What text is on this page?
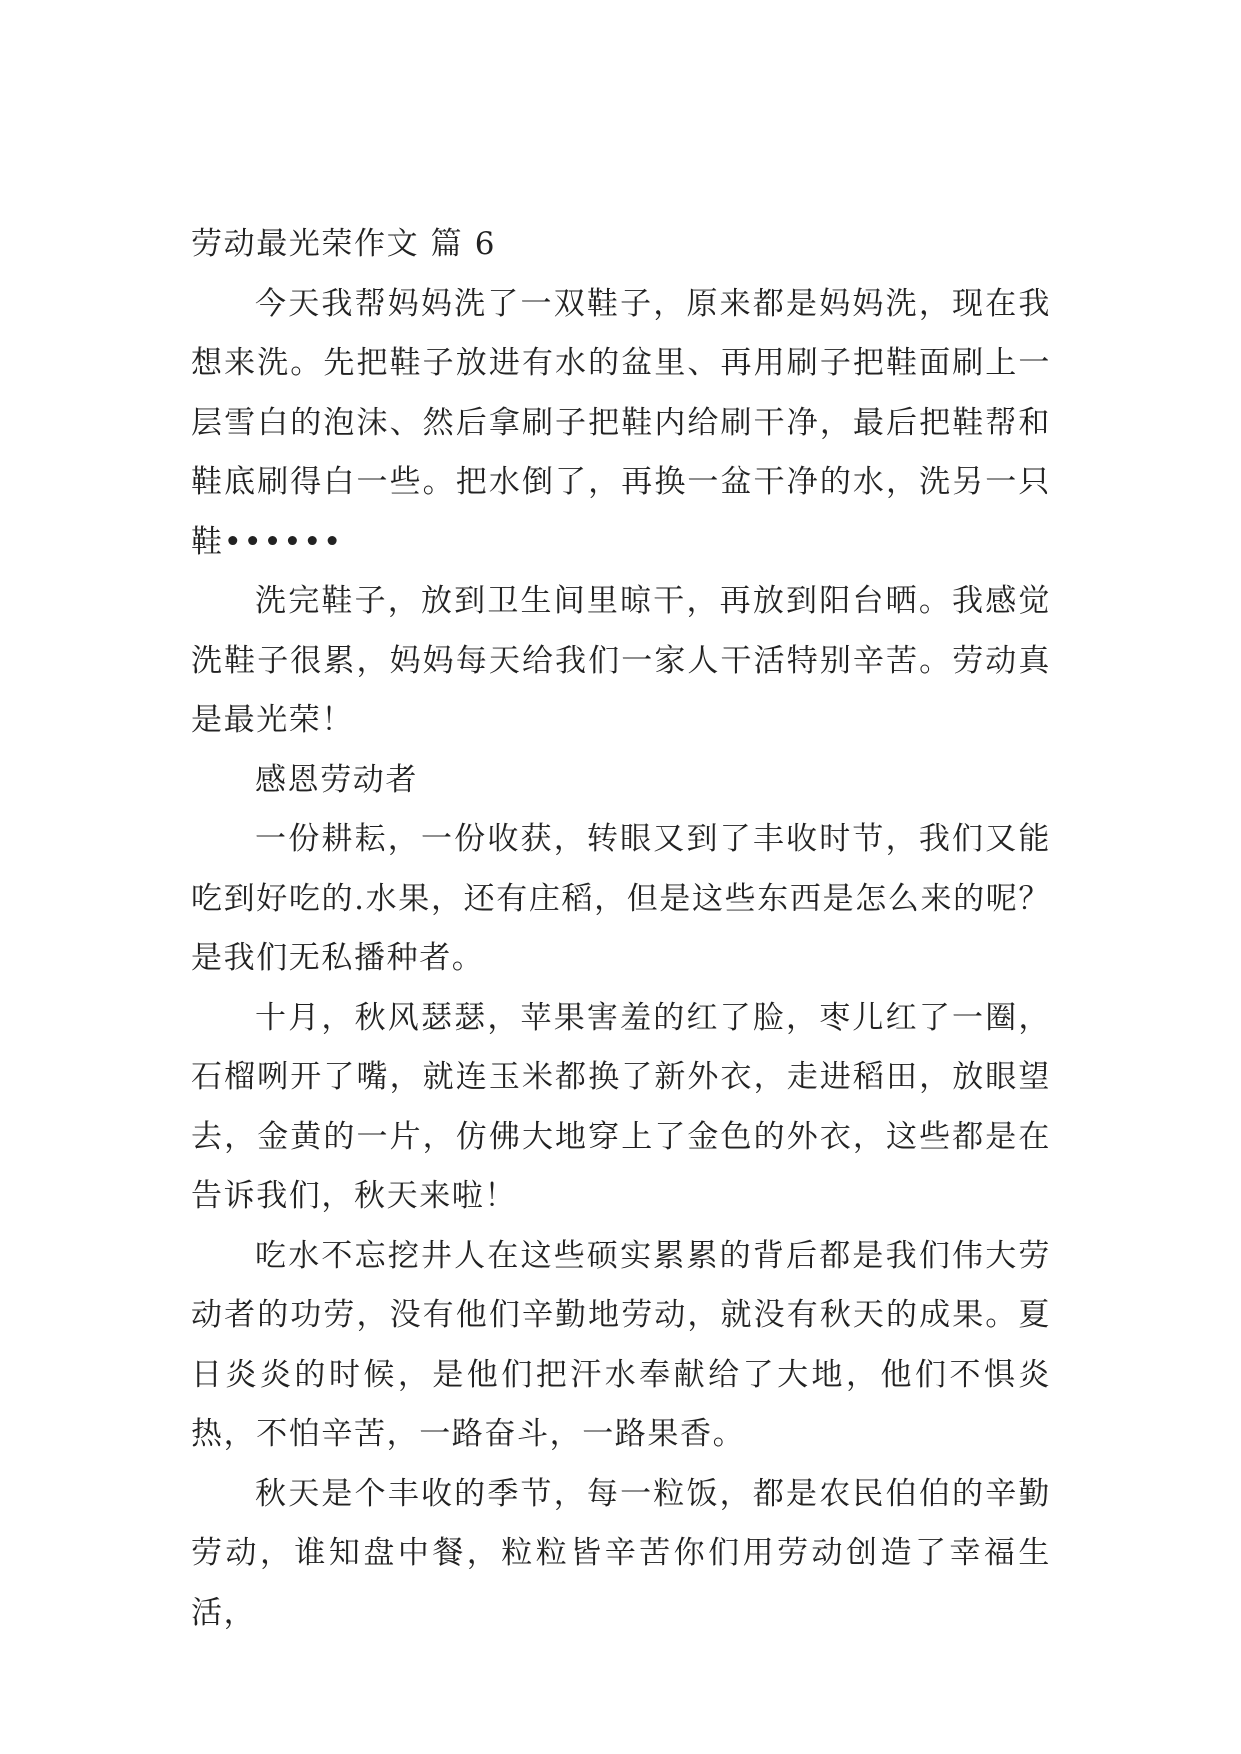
劳动最光荣作文 篇 6

今天我帮妈妈洗了一双鞋子，原来都是妈妈洗，现在我想来洗。先把鞋子放进有水的盆里、再用刷子把鞋面刷上一层雪白的泡沫、然后拿刷子把鞋内给刷干净，最后把鞋帮和鞋底刷得白一些。把水倒了，再换一盆干净的水，洗另一只鞋••••••

洗完鞋子，放到卫生间里晾干，再放到阳台晒。我感觉洗鞋子很累，妈妈每天给我们一家人干活特别辛苦。劳动真是最光荣！

感恩劳动者

一份耕耘，一份收获，转眼又到了丰收时节，我们又能吃到好吃的.水果，还有庄稻，但是这些东西是怎么来的呢？是我们无私播种者。

十月，秋风瑟瑟，苹果害羞的红了脸，枣儿红了一圈，石榴咧开了嘴，就连玉米都换了新外衣，走进稻田，放眼望去，金黄的一片，仿佛大地穿上了金色的外衣，这些都是在告诉我们，秋天来啦！

吃水不忘挖井人在这些硕实累累的背后都是我们伟大劳动者的功劳，没有他们辛勤地劳动，就没有秋天的成果。夏日炎炎的时候，是他们把汗水奉献给了大地，他们不惧炎热，不怕辛苦，一路奋斗，一路果香。

秋天是个丰收的季节，每一粒饭，都是农民伯伯的辛勤劳动，谁知盘中餐，粒粒皆辛苦你们用劳动创造了幸福生活，
